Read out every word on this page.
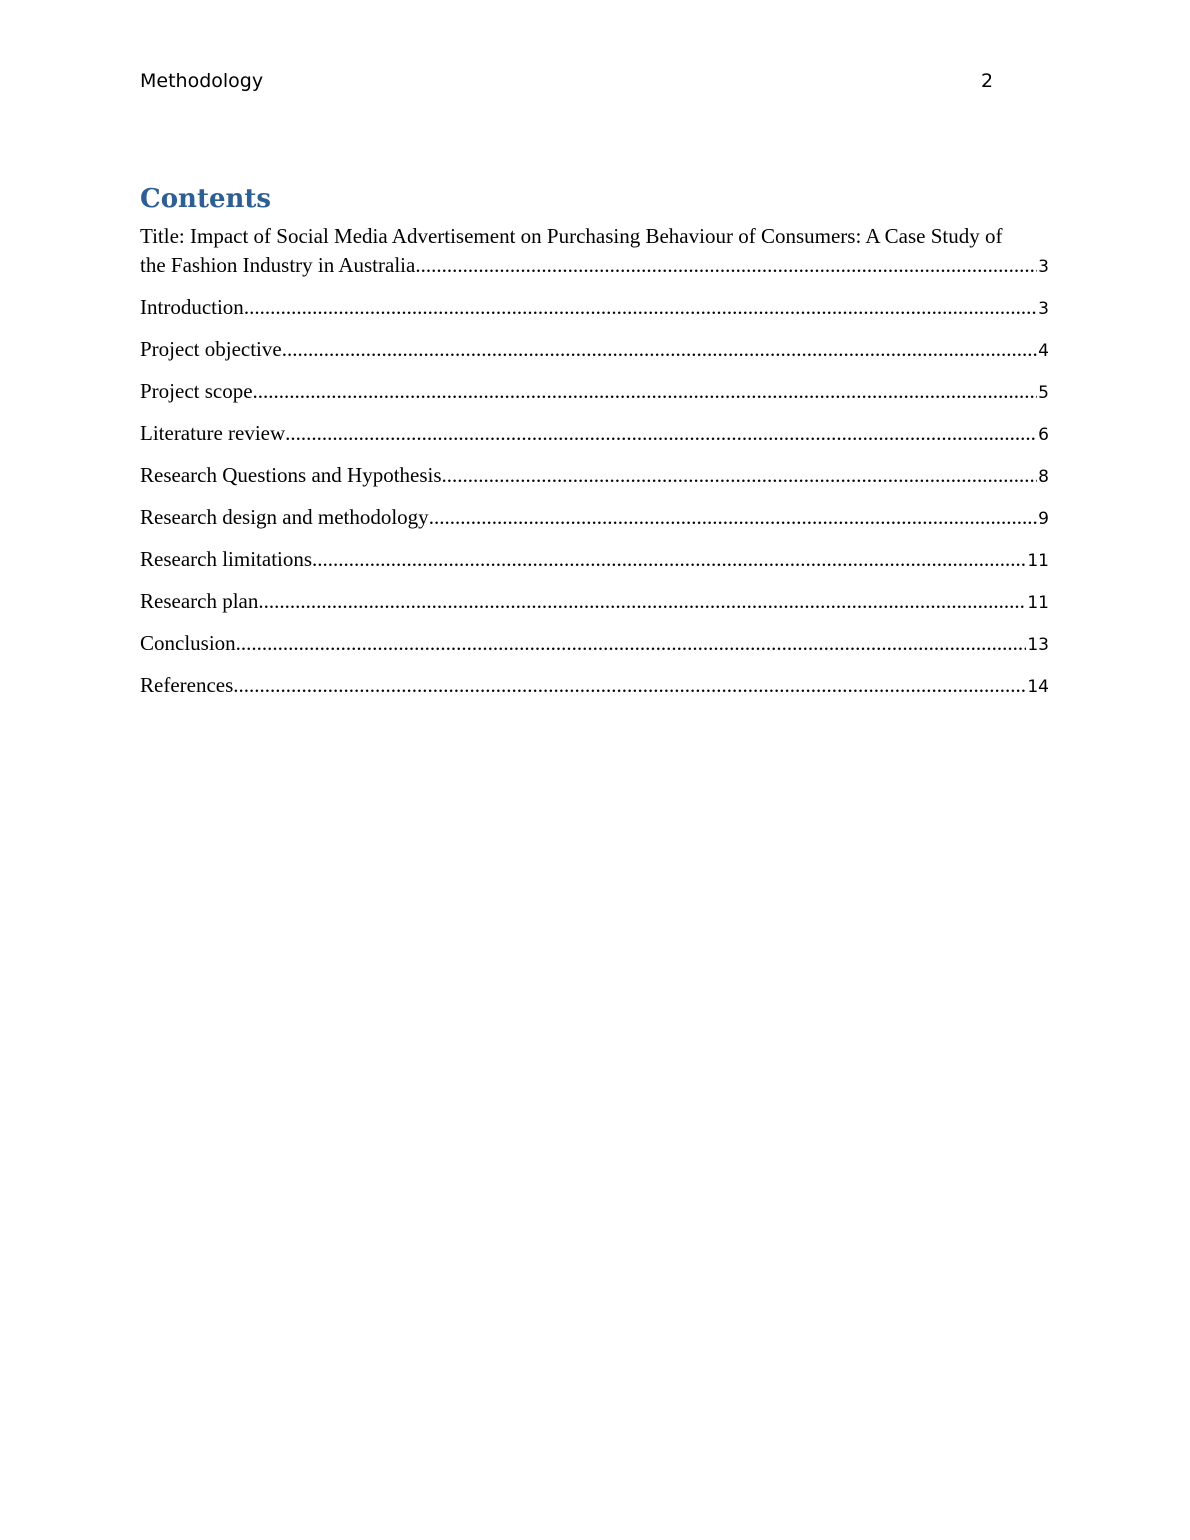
Methodology	2
Contents
Title: Impact of Social Media Advertisement on Purchasing Behaviour of Consumers: A Case Study of
the Fashion Industry in Australia .....	3
Introduction .....	3
Project objective .....	4
Project scope .....	5
Literature review .....	6
Research Questions and Hypothesis .....	8
Research design and methodology .....	9
Research limitations .....	11
Research plan .....	11
Conclusion .....	13
References .....	14
